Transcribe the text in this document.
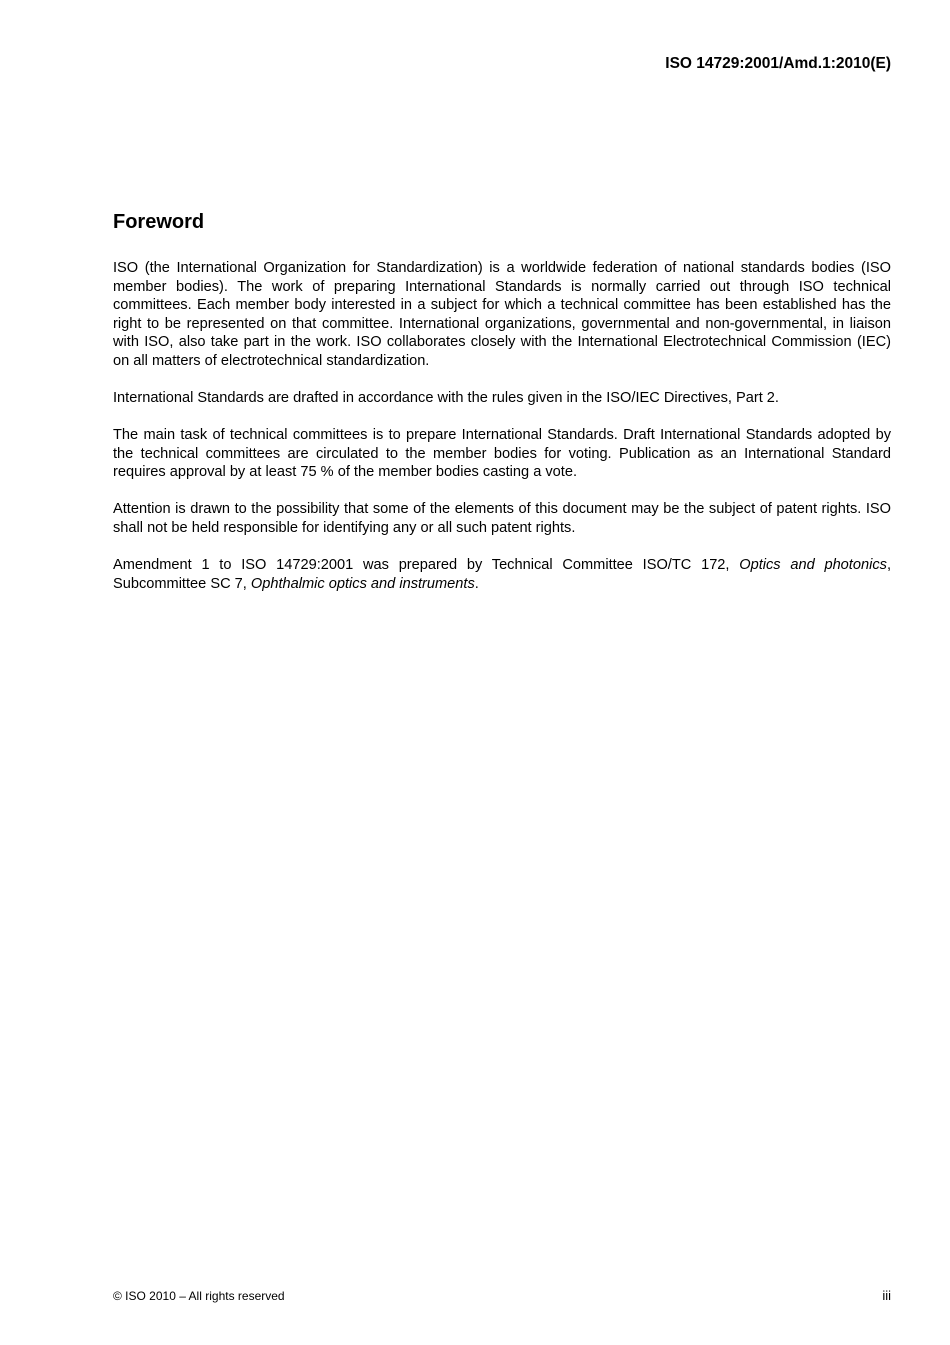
ISO 14729:2001/Amd.1:2010(E)
Foreword

ISO (the International Organization for Standardization) is a worldwide federation of national standards bodies (ISO member bodies). The work of preparing International Standards is normally carried out through ISO technical committees. Each member body interested in a subject for which a technical committee has been established has the right to be represented on that committee. International organizations, governmental and non-governmental, in liaison with ISO, also take part in the work. ISO collaborates closely with the International Electrotechnical Commission (IEC) on all matters of electrotechnical standardization.

International Standards are drafted in accordance with the rules given in the ISO/IEC Directives, Part 2.

The main task of technical committees is to prepare International Standards. Draft International Standards adopted by the technical committees are circulated to the member bodies for voting. Publication as an International Standard requires approval by at least 75 % of the member bodies casting a vote.

Attention is drawn to the possibility that some of the elements of this document may be the subject of patent rights. ISO shall not be held responsible for identifying any or all such patent rights.

Amendment 1 to ISO 14729:2001 was prepared by Technical Committee ISO/TC 172, Optics and photonics, Subcommittee SC 7, Ophthalmic optics and instruments.

© ISO 2010 – All rights reserved	iii
